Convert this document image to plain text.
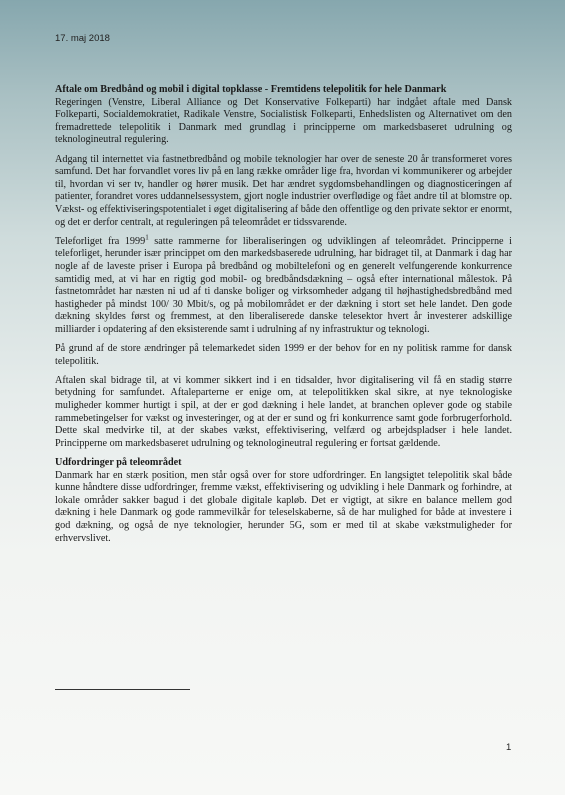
17. maj 2018

Aftale om Bredbånd og mobil i digital topklasse - Fremtidens telepolitik for hele Danmark

Regeringen (Venstre, Liberal Alliance og Det Konservative Folkeparti) har indgået aftale med Dansk Folkeparti, Socialdemokratiet, Radikale Venstre, Socialistisk Folkeparti, Enhedslisten og Alternativet om den fremadrettede telepolitik i Danmark med grundlag i principperne om markedsbaseret udrulning og teknologineutral regulering.

Adgang til internettet via fastnetbredbånd og mobile teknologier har over de seneste 20 år transformeret vores samfund. Det har forvandlet vores liv på en lang række områder lige fra, hvordan vi kommunikerer og arbejder til, hvordan vi ser tv, handler og hører musik. Det har ændret sygdomsbehandlingen og diagnosticeringen af patienter, forandret vores uddannelsessystem, gjort nogle industrier overflødige og fået andre til at blomstre op. Vækst- og effektiviseringspotentialet i øget digitalisering af både den offentlige og den private sektor er enormt, og det er derfor centralt, at reguleringen på teleområdet er tidssvarende.

Teleforliget fra 1999$^1$ satte rammerne for liberaliseringen og udviklingen af teleområdet. Principperne i teleforliget, herunder især princippet om den markedsbaserede udrulning, har bidraget til, at Danmark i dag har nogle af de laveste priser i Europa på bredbånd og mobiltelefoni og en generelt velfungerende konkurrence samtidig med, at vi har en rigtig god mobil- og bredbåndsdækning – også efter international målestok. På fastnetområdet har næsten ni ud af ti danske boliger og virksomheder adgang til højhastighedsbredbånd med hastigheder på mindst 100/ 30 Mbit/s, og på mobilområdet er der dækning i stort set hele landet. Den gode dækning skyldes først og fremmest, at den liberaliserede danske telesektor hvert år investerer adskillige milliarder i opdatering af den eksisterende samt i udrulning af ny infrastruktur og teknologi.

På grund af de store ændringer på telemarkedet siden 1999 er der behov for en ny politisk ramme for dansk telepolitik.

Aftalen skal bidrage til, at vi kommer sikkert ind i en tidsalder, hvor digitalisering vil få en stadig større betydning for samfundet. Aftaleparterne er enige om, at telepolitikken skal sikre, at nye teknologiske muligheder kommer hurtigt i spil, at der er god dækning i hele landet, at branchen oplever gode og stabile rammebetingelser for vækst og investeringer, og at der er sund og fri konkurrence samt gode forbrugerforhold. Dette skal medvirke til, at der skabes vækst, effektivisering, velfærd og arbejdspladser i hele landet. Principperne om markedsbaseret udrulning og teknologineutral regulering er fortsat gældende.

Udfordringer på teleområdet

Danmark har en stærk position, men står også over for store udfordringer. En langsigtet telepolitik skal både kunne håndtere disse udfordringer, fremme vækst, effektivisering og udvikling i hele Danmark og forhindre, at lokale områder sakker bagud i det globale digitale kapløb. Det er vigtigt, at sikre en balance mellem god dækning i hele Danmark og gode rammevilkår for teleselskaberne, så de har mulighed for både at investere i god dækning, og også de nye teknologier, herunder 5G, som er med til at skabe vækstmuligheder for erhvervslivet.

1
